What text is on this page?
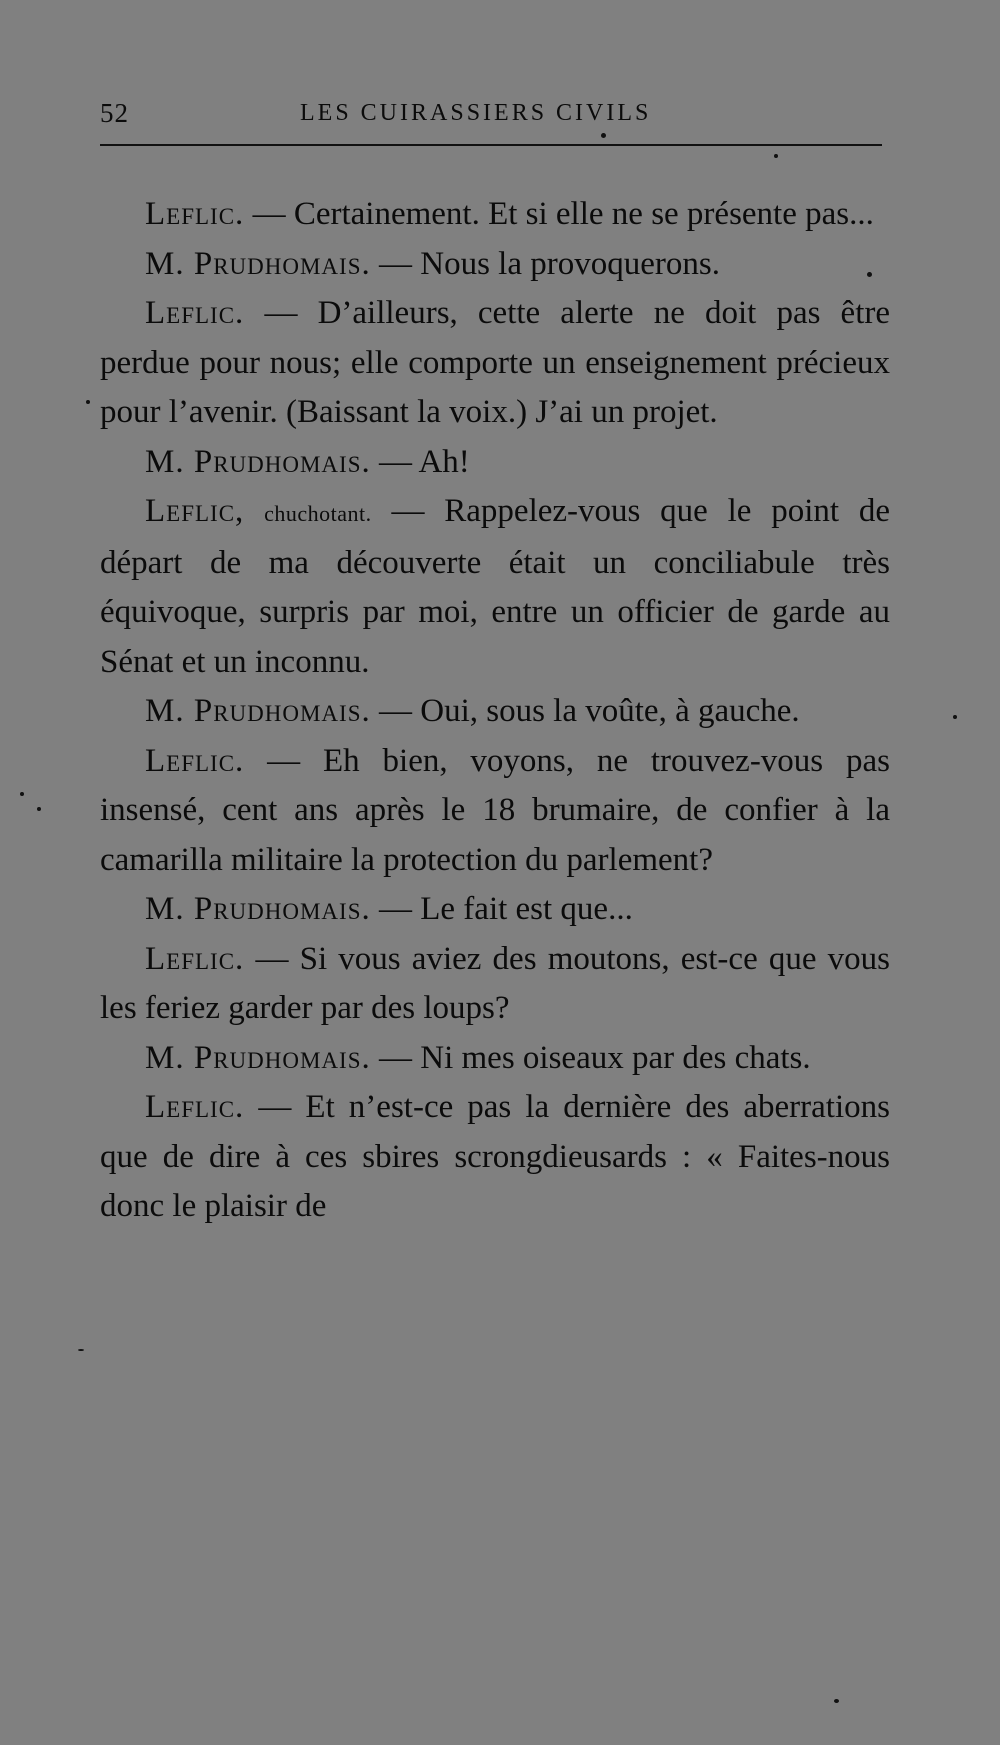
52	LES CUIRASSIERS CIVILS

Leflic. — Certainement. Et si elle ne se présente pas...

M. Prudhomais. — Nous la provoquerons.

Leflic. — D’ailleurs, cette alerte ne doit pas être perdue pour nous; elle comporte un enseignement précieux pour l’avenir. (Baissant la voix.) J’ai un projet.

M. Prudhomais. — Ah!

Leflic, chuchotant. — Rappelez-vous que le point de départ de ma découverte était un conciliabule très équivoque, surpris par moi, entre un officier de garde au Sénat et un inconnu.

M. Prudhomais. — Oui, sous la voûte, à gauche.

Leflic. — Eh bien, voyons, ne trouvez-vous pas insensé, cent ans après le 18 brumaire, de confier à la camarilla militaire la protection du parlement?

M. Prudhomais. — Le fait est que...

Leflic. — Si vous aviez des moutons, est-ce que vous les feriez garder par des loups?

M. Prudhomais. — Ni mes oiseaux par des chats.

Leflic. — Et n’est-ce pas la dernière des aberrations que de dire à ces sbires scrongdieusards : « Faites-nous donc le plaisir de
